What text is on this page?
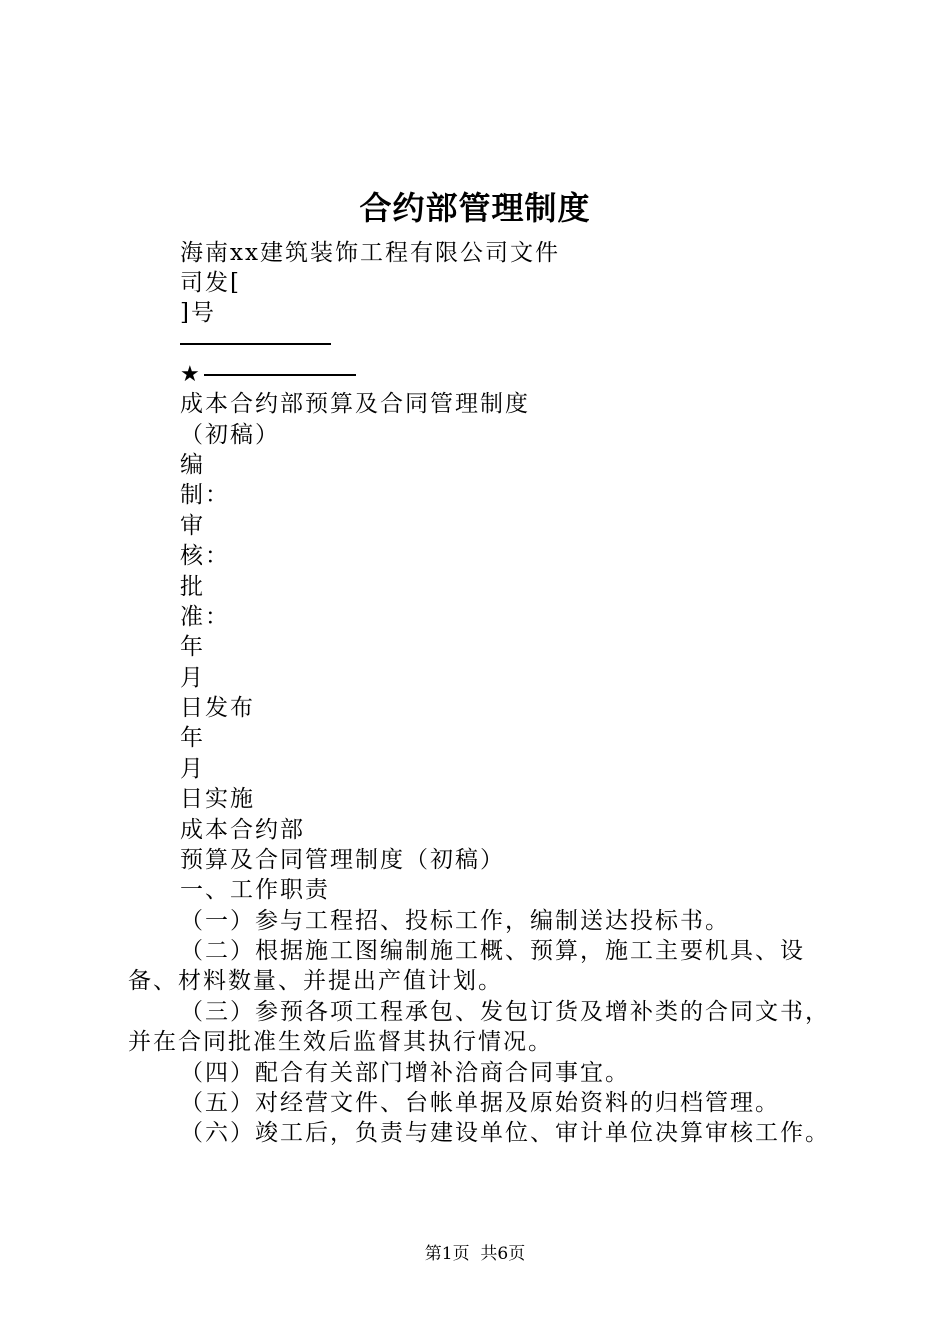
合约部管理制度
海南xx建筑装饰工程有限公司文件
司发[
]号
★
成本合约部预算及合同管理制度
（初稿）
编
制：
审
核：
批
准：
年
月
日发布
年
月
日实施
成本合约部
预算及合同管理制度（初稿）
一、工作职责
（一）参与工程招、投标工作，编制送达投标书。
（二）根据施工图编制施工概、预算，施工主要机具、设
备、材料数量、并提出产值计划。
（三）参预各项工程承包、发包订货及增补类的合同文书，
并在合同批准生效后监督其执行情况。
（四）配合有关部门增补洽商合同事宜。
（五）对经营文件、台帐单据及原始资料的归档管理。
（六）竣工后，负责与建设单位、审计单位决算审核工作。
第1页  共6页
